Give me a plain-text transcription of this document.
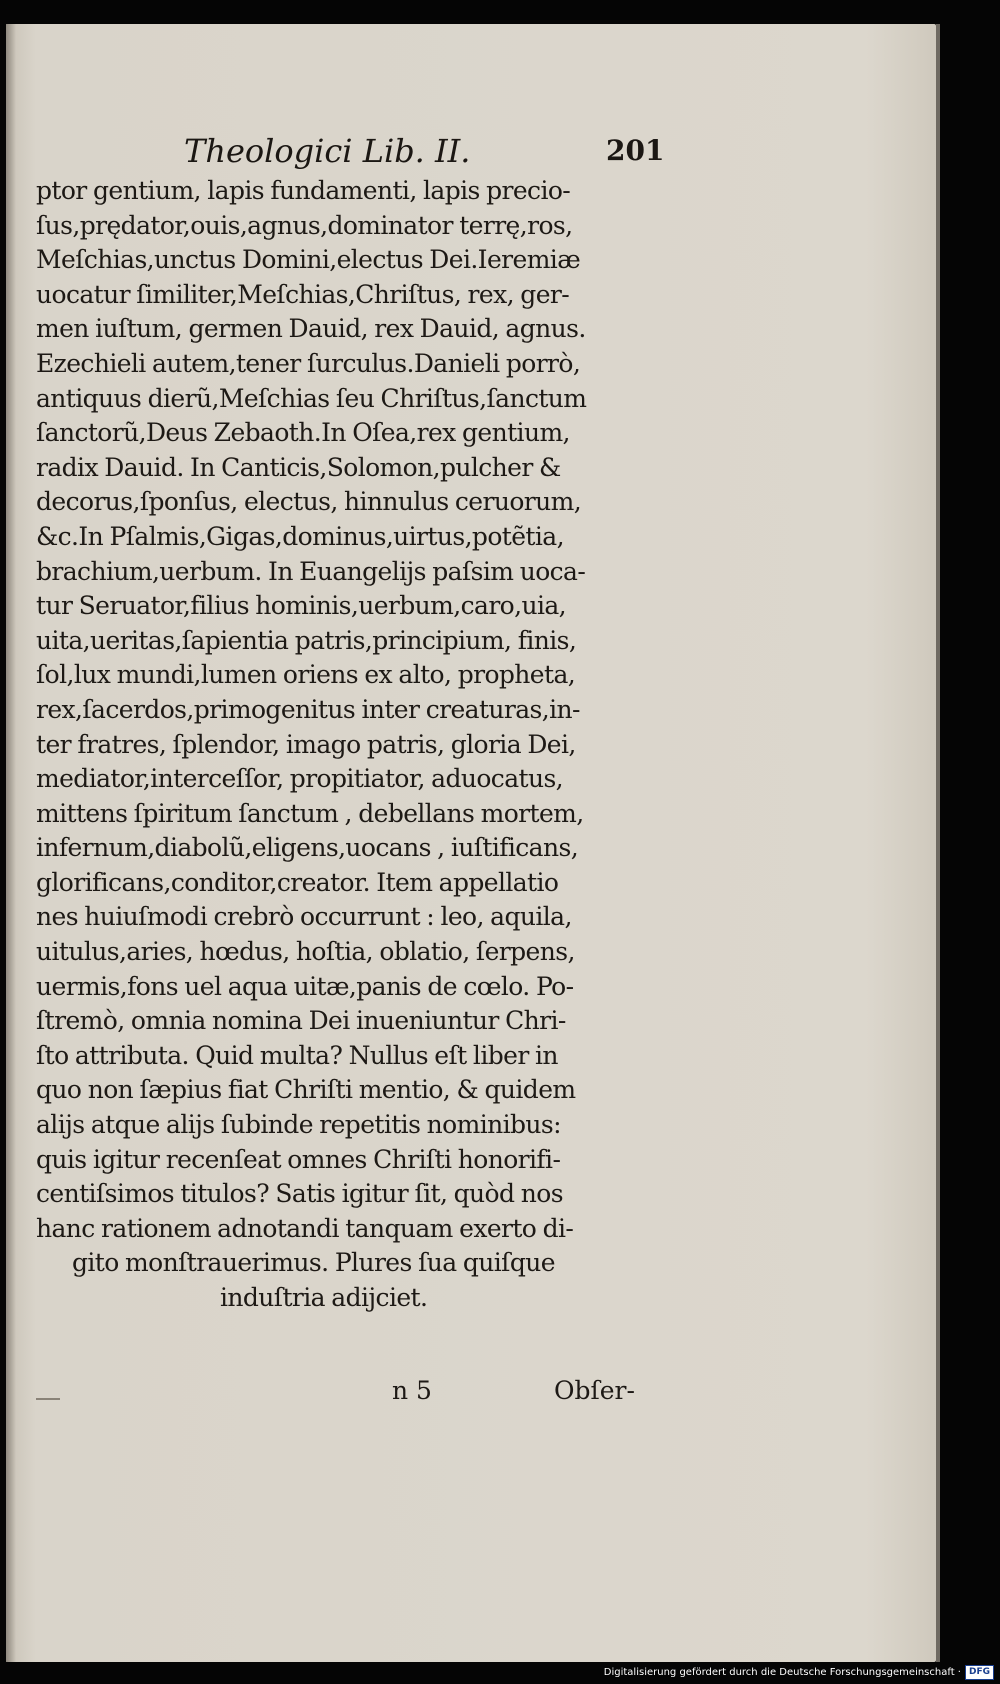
Theologici Lib. II.	201
ptor gentium, lapis fundamenti, lapis precio-
ſus,prędator,ouis,agnus,dominator terrę,ros,
Meſchias,unctus Domini,electus Dei.Ieremiæ
uocatur ſimiliter,Meſchias,Chriſtus, rex, ger-
men iuſtum, germen Dauid, rex Dauid, agnus.
Ezechieli autem,tener ſurculus.Danieli porrò,
antiquus dierũ,Meſchias ſeu Chriſtus,ſanctum
ſanctorũ,Deus Zebaoth.In Oſea,rex gentium,
radix Dauid. In Canticis,Solomon,pulcher &
decorus,ſponſus, electus, hinnulus ceruorum,
&c.In Pſalmis,Gigas,dominus,uirtus,potẽtia,
brachium,uerbum. In Euangelijs paſsim uoca-
tur Seruator,filius hominis,uerbum,caro,uia,
uita,ueritas,ſapientia patris,principium, finis,
ſol,lux mundi,lumen oriens ex alto, propheta,
rex,ſacerdos,primogenitus inter creaturas,in-
ter fratres, ſplendor, imago patris, gloria Dei,
mediator,interceſſor, propitiator, aduocatus,
mittens ſpiritum ſanctum , debellans mortem,
infernum,diabolũ,eligens,uocans , iuſtificans,
glorificans,conditor,creator. Item appellatio
nes huiuſmodi crebrò occurrunt : leo, aquila,
uitulus,aries, hœdus, hoſtia, oblatio, ſerpens,
uermis,fons uel aqua uitæ,panis de cœlo. Po-
ſtremò, omnia nomina Dei inueniuntur Chri-
ſto attributa. Quid multa? Nullus eſt liber in
quo non ſæpius fiat Chriſti mentio, & quidem
alijs atque alijs ſubinde repetitis nominibus:
quis igitur recenſeat omnes Chriſti honorifi-
centiſsimos titulos? Satis igitur ſit, quòd nos
hanc rationem adnotandi tanquam exerto di-
gito monſtrauerimus. Plures ſua quiſque
induſtria adijciet.
n 5	Obſer-
Digitalisierung gefördert durch die Deutsche Forschungsgemeinschaft · DFG
